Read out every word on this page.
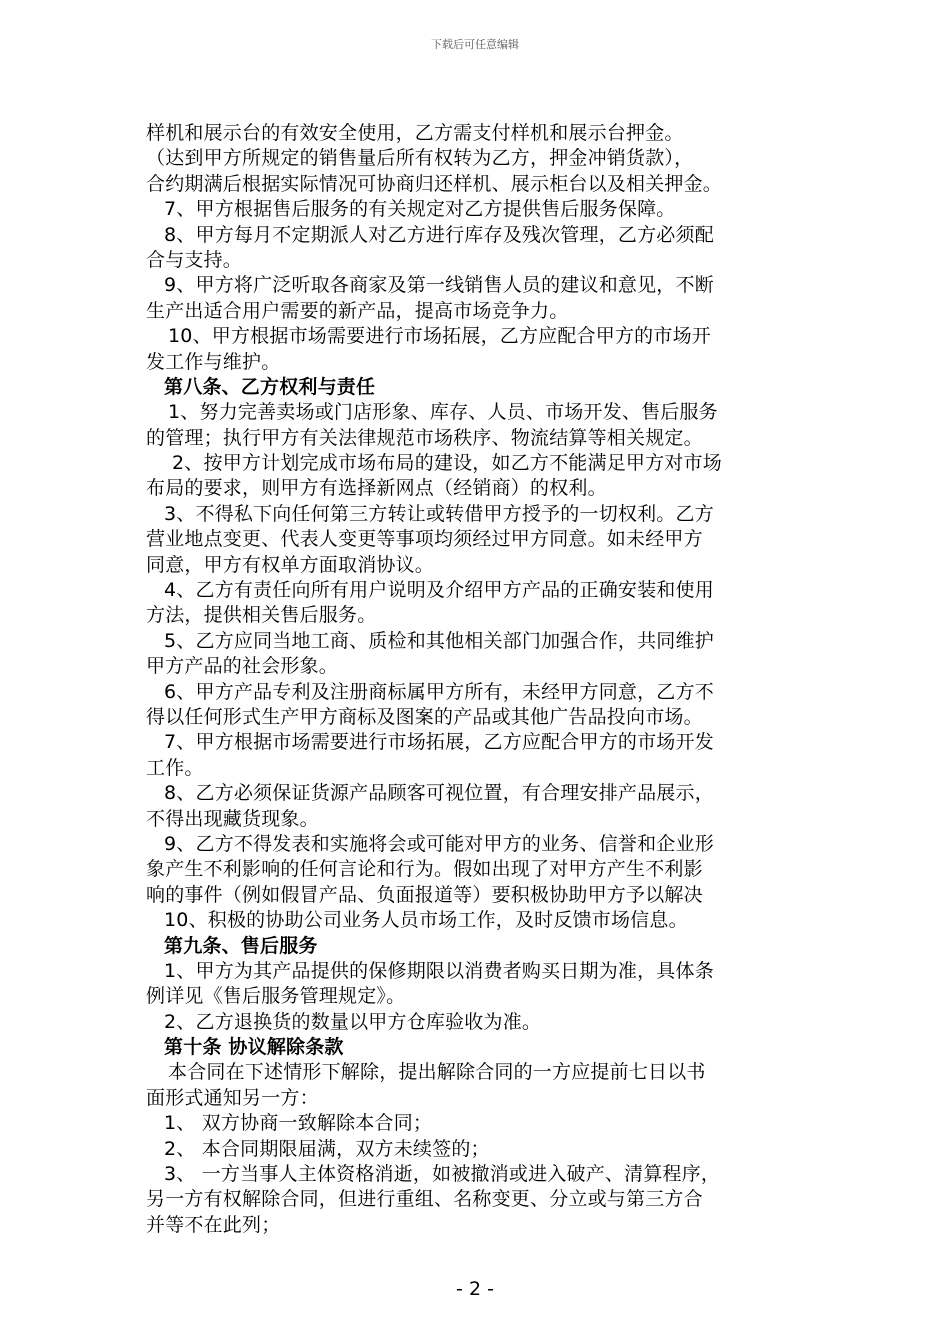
下载后可任意编辑
样机和展示台的有效安全使用，乙方需支付样机和展示台押金。
（达到甲方所规定的销售量后所有权转为乙方，押金冲销货款），
合约期满后根据实际情况可协商归还样机、展示柜台以及相关押金。
7、甲方根据售后服务的有关规定对乙方提供售后服务保障。
8、甲方每月不定期派人对乙方进行库存及残次管理，乙方必须配
合与支持。
9、甲方将广泛听取各商家及第一线销售人员的建议和意见，不断
生产出适合用户需要的新产品，提高市场竞争力。
10、甲方根据市场需要进行市场拓展，乙方应配合甲方的市场开
发工作与维护。
第八条、乙方权利与责任
1、努力完善卖场或门店形象、库存、人员、市场开发、售后服务
的管理；执行甲方有关法律规范市场秩序、物流结算等相关规定。
2、按甲方计划完成市场布局的建设，如乙方不能满足甲方对市场
布局的要求，则甲方有选择新网点（经销商）的权利。
3、不得私下向任何第三方转让或转借甲方授予的一切权利。乙方
营业地点变更、代表人变更等事项均须经过甲方同意。如未经甲方
同意，甲方有权单方面取消协议。
4、乙方有责任向所有用户说明及介绍甲方产品的正确安装和使用
方法，提供相关售后服务。
5、乙方应同当地工商、质检和其他相关部门加强合作，共同维护
甲方产品的社会形象。
6、甲方产品专利及注册商标属甲方所有，未经甲方同意，乙方不
得以任何形式生产甲方商标及图案的产品或其他广告品投向市场。
7、甲方根据市场需要进行市场拓展，乙方应配合甲方的市场开发
工作。
8、乙方必须保证货源产品顾客可视位置，有合理安排产品展示，
不得出现藏货现象。
9、乙方不得发表和实施将会或可能对甲方的业务、信誉和企业形
象产生不利影响的任何言论和行为。假如出现了对甲方产生不利影
响的事件（例如假冒产品、负面报道等）要积极协助甲方予以解决
10、积极的协助公司业务人员市场工作，及时反馈市场信息。
第九条、售后服务
1、甲方为其产品提供的保修期限以消费者购买日期为准，具体条
例详见《售后服务管理规定》。
2、乙方退换货的数量以甲方仓库验收为准。
第十条 协议解除条款
本合同在下述情形下解除，提出解除合同的一方应提前七日以书
面形式通知另一方：
1、 双方协商一致解除本合同；
2、 本合同期限届满，双方未续签的；
3、 一方当事人主体资格消逝，如被撤消或进入破产、清算程序，
另一方有权解除合同，但进行重组、名称变更、分立或与第三方合
并等不在此列；
- 2 -
